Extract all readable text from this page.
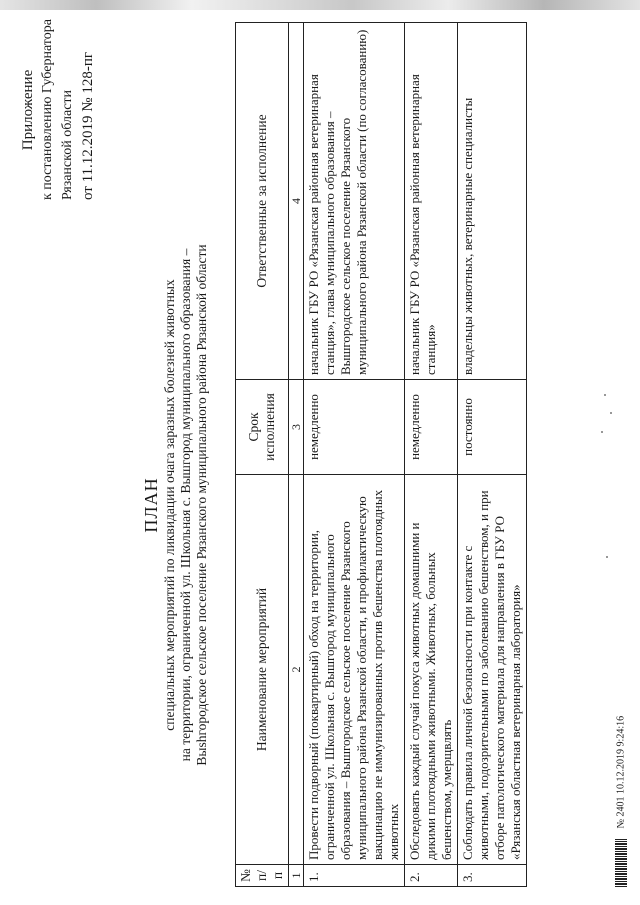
Приложение к постановлению Губернатора Рязанской области от 11.12.2019 № 128-пг
ПЛАН специальных мероприятий по ликвидации очага заразных болезней животных на территории, ограниченной ул. Школьная с. Вышгород муниципального образования – Выshгородское сельское поселение Рязанского муниципального района Рязанской области
№ п/п	Наименование мероприятий	Срок исполнения	Ответственные за исполнение
1	2	3	4
1.	Провести подворный (поквартирный) обход на территории, ограниченной ул. Школьная с. Вышгород муниципального образования – Вышгородское сельское поселение Рязанского муниципального района Рязанской области, и профилактическую вакцинацию не иммунизированных против бешенства плотоядных животных	немедленно	начальник ГБУ РО «Рязанская районная ветеринарная станция», глава муниципального образования – Вышгородское сельское поселение Рязанского муниципального района Рязанской области (по согласованию)
2.	Обследовать каждый случай покуса животных домашними и дикими плотоядными животными. Животных, больных бешенством, умерщвлять	немедленно	начальник ГБУ РО «Рязанская районная ветеринарная станция»
3.	Соблюдать правила личной безопасности при контакте с животными, подозрительными по заболеванию бешенством, и при отборе патологического материала для направления в ГБУ РО «Рязанская областная ветеринарная лаборатория»	постоянно	владельцы животных, ветеринарные специалисты
№ 2401 10.12.2019 9:24:16
